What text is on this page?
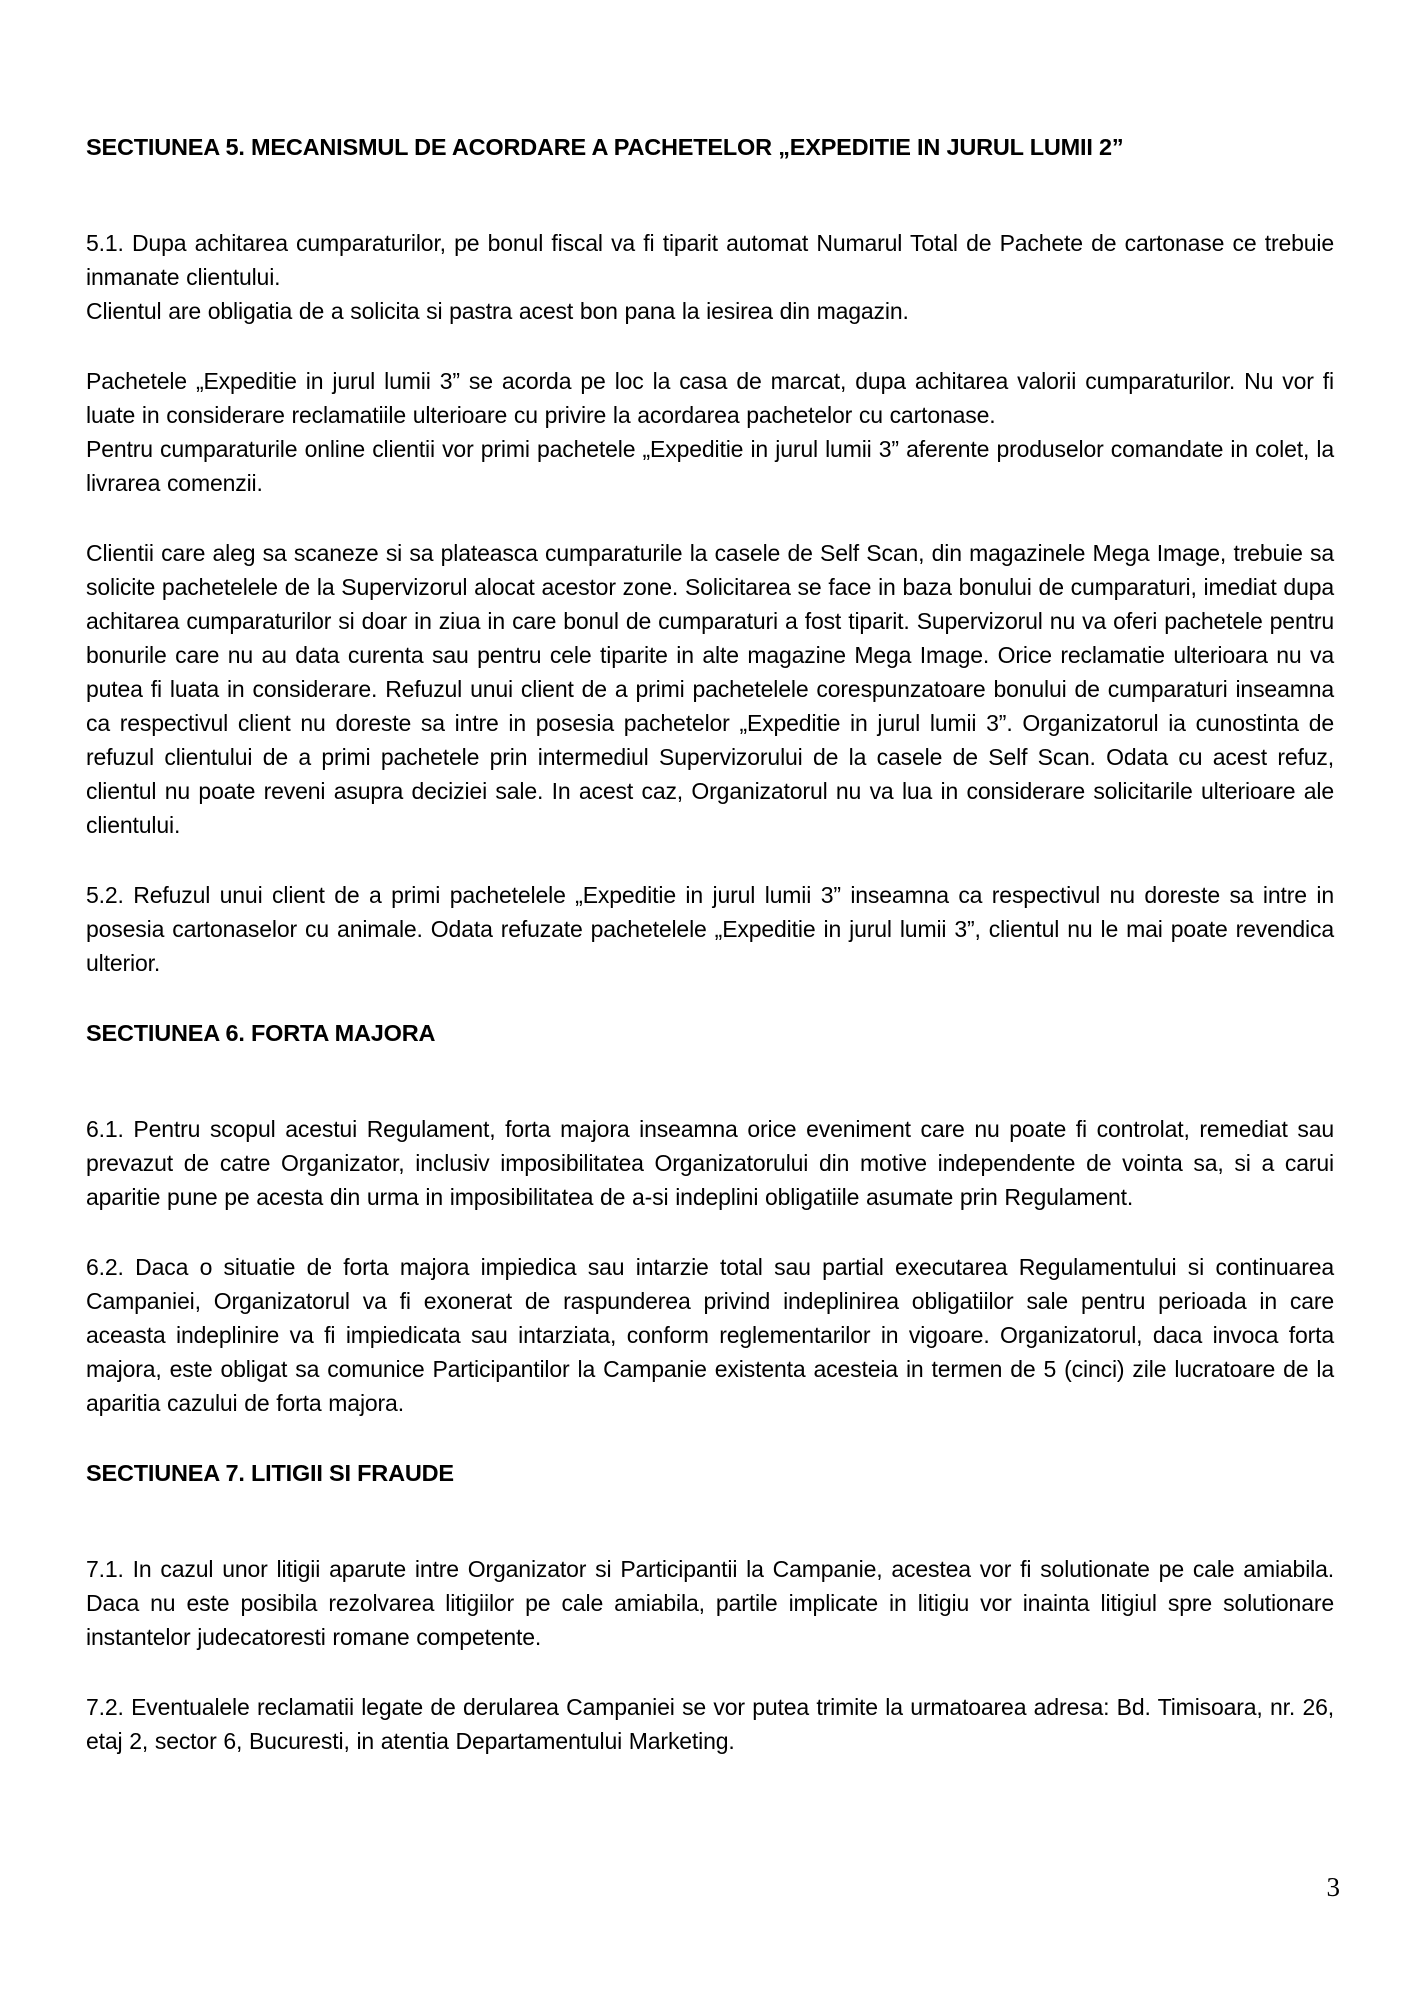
SECTIUNEA 5. MECANISMUL DE ACORDARE A PACHETELOR „EXPEDITIE IN JURUL LUMII 2”
5.1. Dupa achitarea cumparaturilor, pe bonul fiscal va fi tiparit automat Numarul Total de Pachete de cartonase ce trebuie inmanate clientului.
Clientul are obligatia de a solicita si pastra acest bon pana la iesirea din magazin.
Pachetele „Expeditie in jurul lumii 3” se acorda pe loc la casa de marcat, dupa achitarea valorii cumparaturilor. Nu vor fi luate in considerare reclamatiile ulterioare cu privire la acordarea pachetelor cu cartonase.
Pentru cumparaturile online clientii vor primi pachetele „Expeditie in jurul lumii 3” aferente produselor comandate in colet, la livrarea comenzii.
Clientii care aleg sa scaneze si sa plateasca cumparaturile la casele de Self Scan, din magazinele Mega Image, trebuie sa solicite pachetelele de la Supervizorul alocat acestor zone. Solicitarea se face in baza bonului de cumparaturi, imediat dupa achitarea cumparaturilor si doar in ziua in care bonul de cumparaturi a fost tiparit. Supervizorul nu va oferi pachetele pentru bonurile care nu au data curenta sau pentru cele tiparite in alte magazine Mega Image. Orice reclamatie ulterioara nu va putea fi luata in considerare. Refuzul unui client de a primi pachetelele corespunzatoare bonului de cumparaturi inseamna ca respectivul client nu doreste sa intre in posesia pachetelor „Expeditie in jurul lumii 3”. Organizatorul ia cunostinta de refuzul clientului de a primi pachetele prin intermediul Supervizorului de la casele de Self Scan. Odata cu acest refuz, clientul nu poate reveni asupra deciziei sale. In acest caz, Organizatorul nu va lua in considerare solicitarile ulterioare ale clientului.
5.2. Refuzul unui client de a primi pachetelele „Expeditie in jurul lumii 3” inseamna ca respectivul nu doreste sa intre in posesia cartonaselor cu animale. Odata refuzate pachetelele „Expeditie in jurul lumii 3”, clientul nu le mai poate revendica ulterior.
SECTIUNEA 6. FORTA MAJORA
6.1. Pentru scopul acestui Regulament, forta majora inseamna orice eveniment care nu poate fi controlat, remediat sau prevazut de catre Organizator, inclusiv imposibilitatea Organizatorului din motive independente de vointa sa, si a carui aparitie pune pe acesta din urma in imposibilitatea de a-si indeplini obligatiile asumate prin Regulament.
6.2. Daca o situatie de forta majora impiedica sau intarzie total sau partial executarea Regulamentului si continuarea Campaniei, Organizatorul va fi exonerat de raspunderea privind indeplinirea obligatiilor sale pentru perioada in care aceasta indeplinire va fi impiedicata sau intarziata, conform reglementarilor in vigoare. Organizatorul, daca invoca forta majora, este obligat sa comunice Participantilor la Campanie existenta acesteia in termen de 5 (cinci) zile lucratoare de la aparitia cazului de forta majora.
SECTIUNEA 7. LITIGII SI FRAUDE
7.1. In cazul unor litigii aparute intre Organizator si Participantii la Campanie, acestea vor fi solutionate pe cale amiabila. Daca nu este posibila rezolvarea litigiilor pe cale amiabila, partile implicate in litigiu vor inainta litigiul spre solutionare instantelor judecatoresti romane competente.
7.2. Eventualele reclamatii legate de derularea Campaniei se vor putea trimite la urmatoarea adresa: Bd. Timisoara, nr. 26, etaj 2, sector 6, Bucuresti, in atentia Departamentului Marketing.
3
